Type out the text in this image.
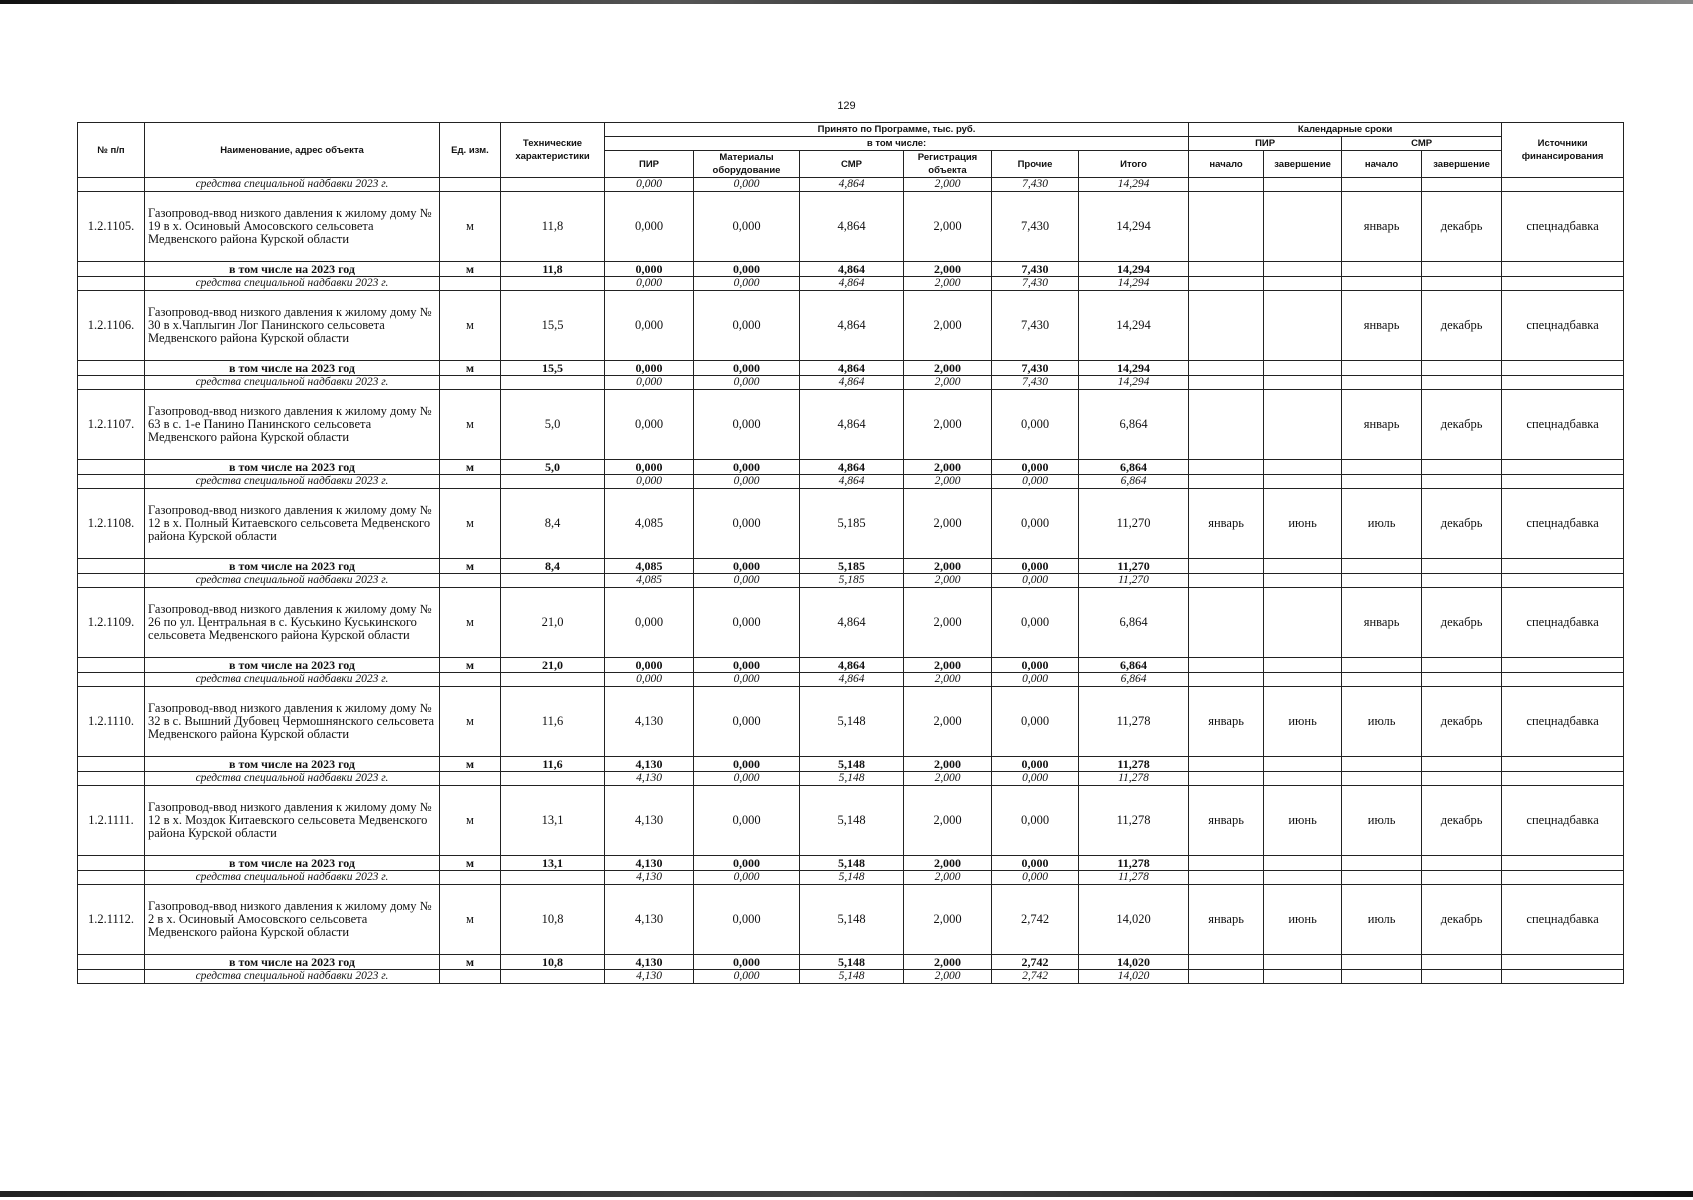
129
№ п/п	Наименование, адрес объекта	Ед. изм.	Технические характеристики	Принято по Программе, тыс. руб.						Календарные сроки				Источники финансирования
				в том числе:						ПИР		СМР		
				ПИР	Материалы оборудование	СМР	Регистрация объекта	Прочие	Итого	начало	завершение	начало	завершение	
	средства специальной надбавки 2023 г.			0,000	0,000	4,864	2,000	7,430	14,294					
1.2.1105.	Газопровод-ввод низкого давления к жилому дому № 19 в х. Осиновый Амосовского сельсовета Медвенского района Курской области	м	11,8	0,000	0,000	4,864	2,000	7,430	14,294			январь	декабрь	спецнадбавка
	в том числе на 2023 год	м	11,8	0,000	0,000	4,864	2,000	7,430	14,294					
	средства специальной надбавки 2023 г.			0,000	0,000	4,864	2,000	7,430	14,294					
1.2.1106.	Газопровод-ввод низкого давления к жилому дому № 30 в х.Чаплыгин Лог Панинского сельсовета Медвенского района Курской области	м	15,5	0,000	0,000	4,864	2,000	7,430	14,294			январь	декабрь	спецнадбавка
	в том числе на 2023 год	м	15,5	0,000	0,000	4,864	2,000	7,430	14,294					
	средства специальной надбавки 2023 г.			0,000	0,000	4,864	2,000	7,430	14,294					
1.2.1107.	Газопровод-ввод низкого давления к жилому дому № 63 в с. 1-е Панино Панинского сельсовета Медвенского района Курской области	м	5,0	0,000	0,000	4,864	2,000	0,000	6,864			январь	декабрь	спецнадбавка
	в том числе на 2023 год	м	5,0	0,000	0,000	4,864	2,000	0,000	6,864					
	средства специальной надбавки 2023 г.			0,000	0,000	4,864	2,000	0,000	6,864					
1.2.1108.	Газопровод-ввод низкого давления к жилому дому № 12 в х. Полный Китаевского сельсовета Медвенского района Курской области	м	8,4	4,085	0,000	5,185	2,000	0,000	11,270	январь	июнь	июль	декабрь	спецнадбавка
	в том числе на 2023 год	м	8,4	4,085	0,000	5,185	2,000	0,000	11,270					
	средства специальной надбавки 2023 г.			4,085	0,000	5,185	2,000	0,000	11,270					
1.2.1109.	Газопровод-ввод низкого давления к жилому дому № 26 по ул. Центральная в с. Куськино Куськинского сельсовета Медвенского района Курской области	м	21,0	0,000	0,000	4,864	2,000	0,000	6,864			январь	декабрь	спецнадбавка
	в том числе на 2023 год	м	21,0	0,000	0,000	4,864	2,000	0,000	6,864					
	средства специальной надбавки 2023 г.			0,000	0,000	4,864	2,000	0,000	6,864					
1.2.1110.	Газопровод-ввод низкого давления к жилому дому № 32 в с. Вышний Дубовец Чермошнянского сельсовета Медвенского района Курской области	м	11,6	4,130	0,000	5,148	2,000	0,000	11,278	январь	июнь	июль	декабрь	спецнадбавка
	в том числе на 2023 год	м	11,6	4,130	0,000	5,148	2,000	0,000	11,278					
	средства специальной надбавки 2023 г.			4,130	0,000	5,148	2,000	0,000	11,278					
1.2.1111.	Газопровод-ввод низкого давления к жилому дому № 12 в х. Моздок Китаевского сельсовета Медвенского района Курской области	м	13,1	4,130	0,000	5,148	2,000	0,000	11,278	январь	июнь	июль	декабрь	спецнадбавка
	в том числе на 2023 год	м	13,1	4,130	0,000	5,148	2,000	0,000	11,278					
	средства специальной надбавки 2023 г.			4,130	0,000	5,148	2,000	0,000	11,278					
1.2.1112.	Газопровод-ввод низкого давления к жилому дому № 2 в х. Осиновый Амосовского сельсовета Медвенского района Курской области	м	10,8	4,130	0,000	5,148	2,000	2,742	14,020	январь	июнь	июль	декабрь	спецнадбавка
	в том числе на 2023 год	м	10,8	4,130	0,000	5,148	2,000	2,742	14,020					
	средства специальной надбавки 2023 г.			4,130	0,000	5,148	2,000	2,742	14,020					
